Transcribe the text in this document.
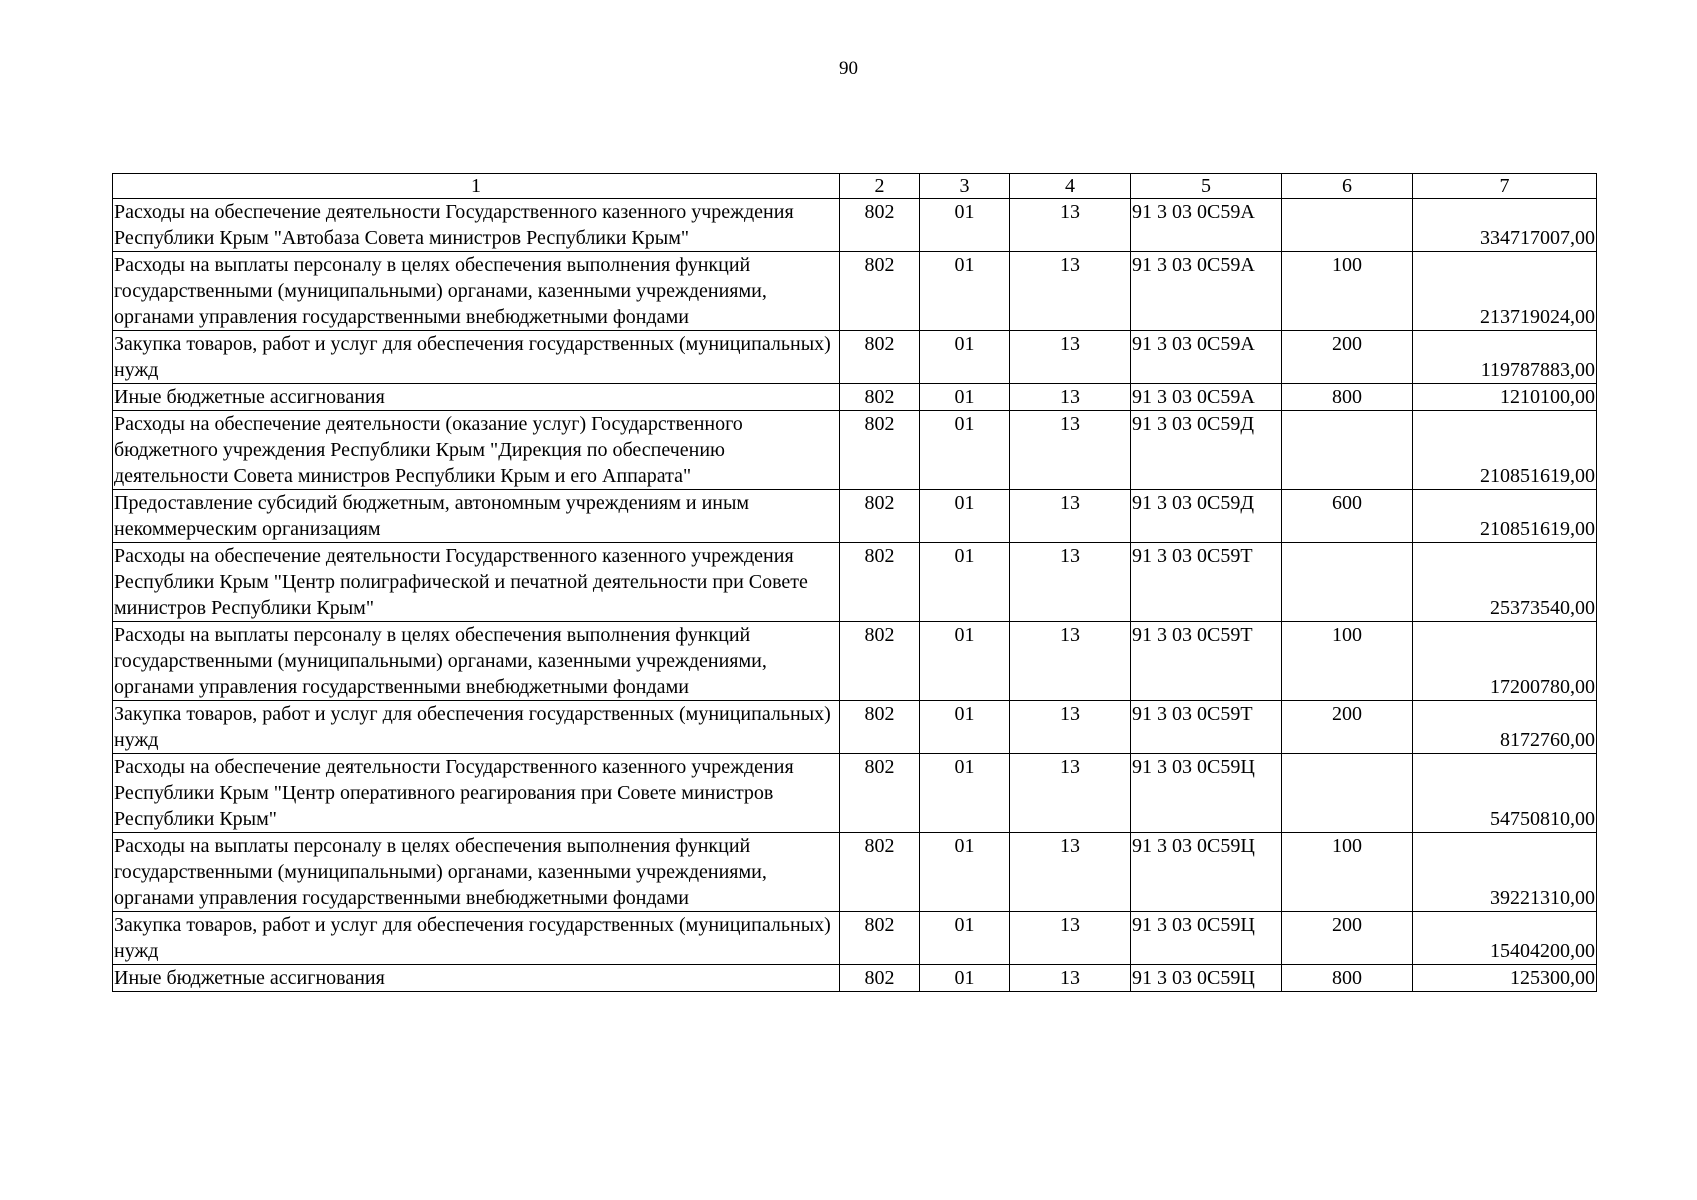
90
1	2	3	4	5	6	7
Расходы на обеспечение деятельности Государственного казенного учреждения Республики Крым "Автобаза Совета министров Республики Крым"	802	01	13	91 3 03 0С59А		334717007,00
Расходы на выплаты персоналу в целях обеспечения выполнения функций государственными (муниципальными) органами, казенными учреждениями, органами управления государственными внебюджетными фондами	802	01	13	91 3 03 0С59А	100	213719024,00
Закупка товаров, работ и услуг для обеспечения государственных (муниципальных) нужд	802	01	13	91 3 03 0С59А	200	119787883,00
Иные бюджетные ассигнования	802	01	13	91 3 03 0С59А	800	1210100,00
Расходы на обеспечение деятельности (оказание услуг) Государственного бюджетного учреждения Республики Крым "Дирекция по обеспечению деятельности Совета министров Республики Крым и его Аппарата"	802	01	13	91 3 03 0С59Д		210851619,00
Предоставление субсидий бюджетным, автономным учреждениям и иным некоммерческим организациям	802	01	13	91 3 03 0С59Д	600	210851619,00
Расходы на обеспечение деятельности Государственного казенного учреждения Республики Крым "Центр полиграфической и печатной деятельности при Совете министров Республики Крым"	802	01	13	91 3 03 0С59Т		25373540,00
Расходы на выплаты персоналу в целях обеспечения выполнения функций государственными (муниципальными) органами, казенными учреждениями, органами управления государственными внебюджетными фондами	802	01	13	91 3 03 0С59Т	100	17200780,00
Закупка товаров, работ и услуг для обеспечения государственных (муниципальных) нужд	802	01	13	91 3 03 0С59Т	200	8172760,00
Расходы на обеспечение деятельности Государственного казенного учреждения Республики Крым "Центр оперативного реагирования при Совете министров Республики Крым"	802	01	13	91 3 03 0С59Ц		54750810,00
Расходы на выплаты персоналу в целях обеспечения выполнения функций государственными (муниципальными) органами, казенными учреждениями, органами управления государственными внебюджетными фондами	802	01	13	91 3 03 0С59Ц	100	39221310,00
Закупка товаров, работ и услуг для обеспечения государственных (муниципальных) нужд	802	01	13	91 3 03 0С59Ц	200	15404200,00
Иные бюджетные ассигнования	802	01	13	91 3 03 0С59Ц	800	125300,00
